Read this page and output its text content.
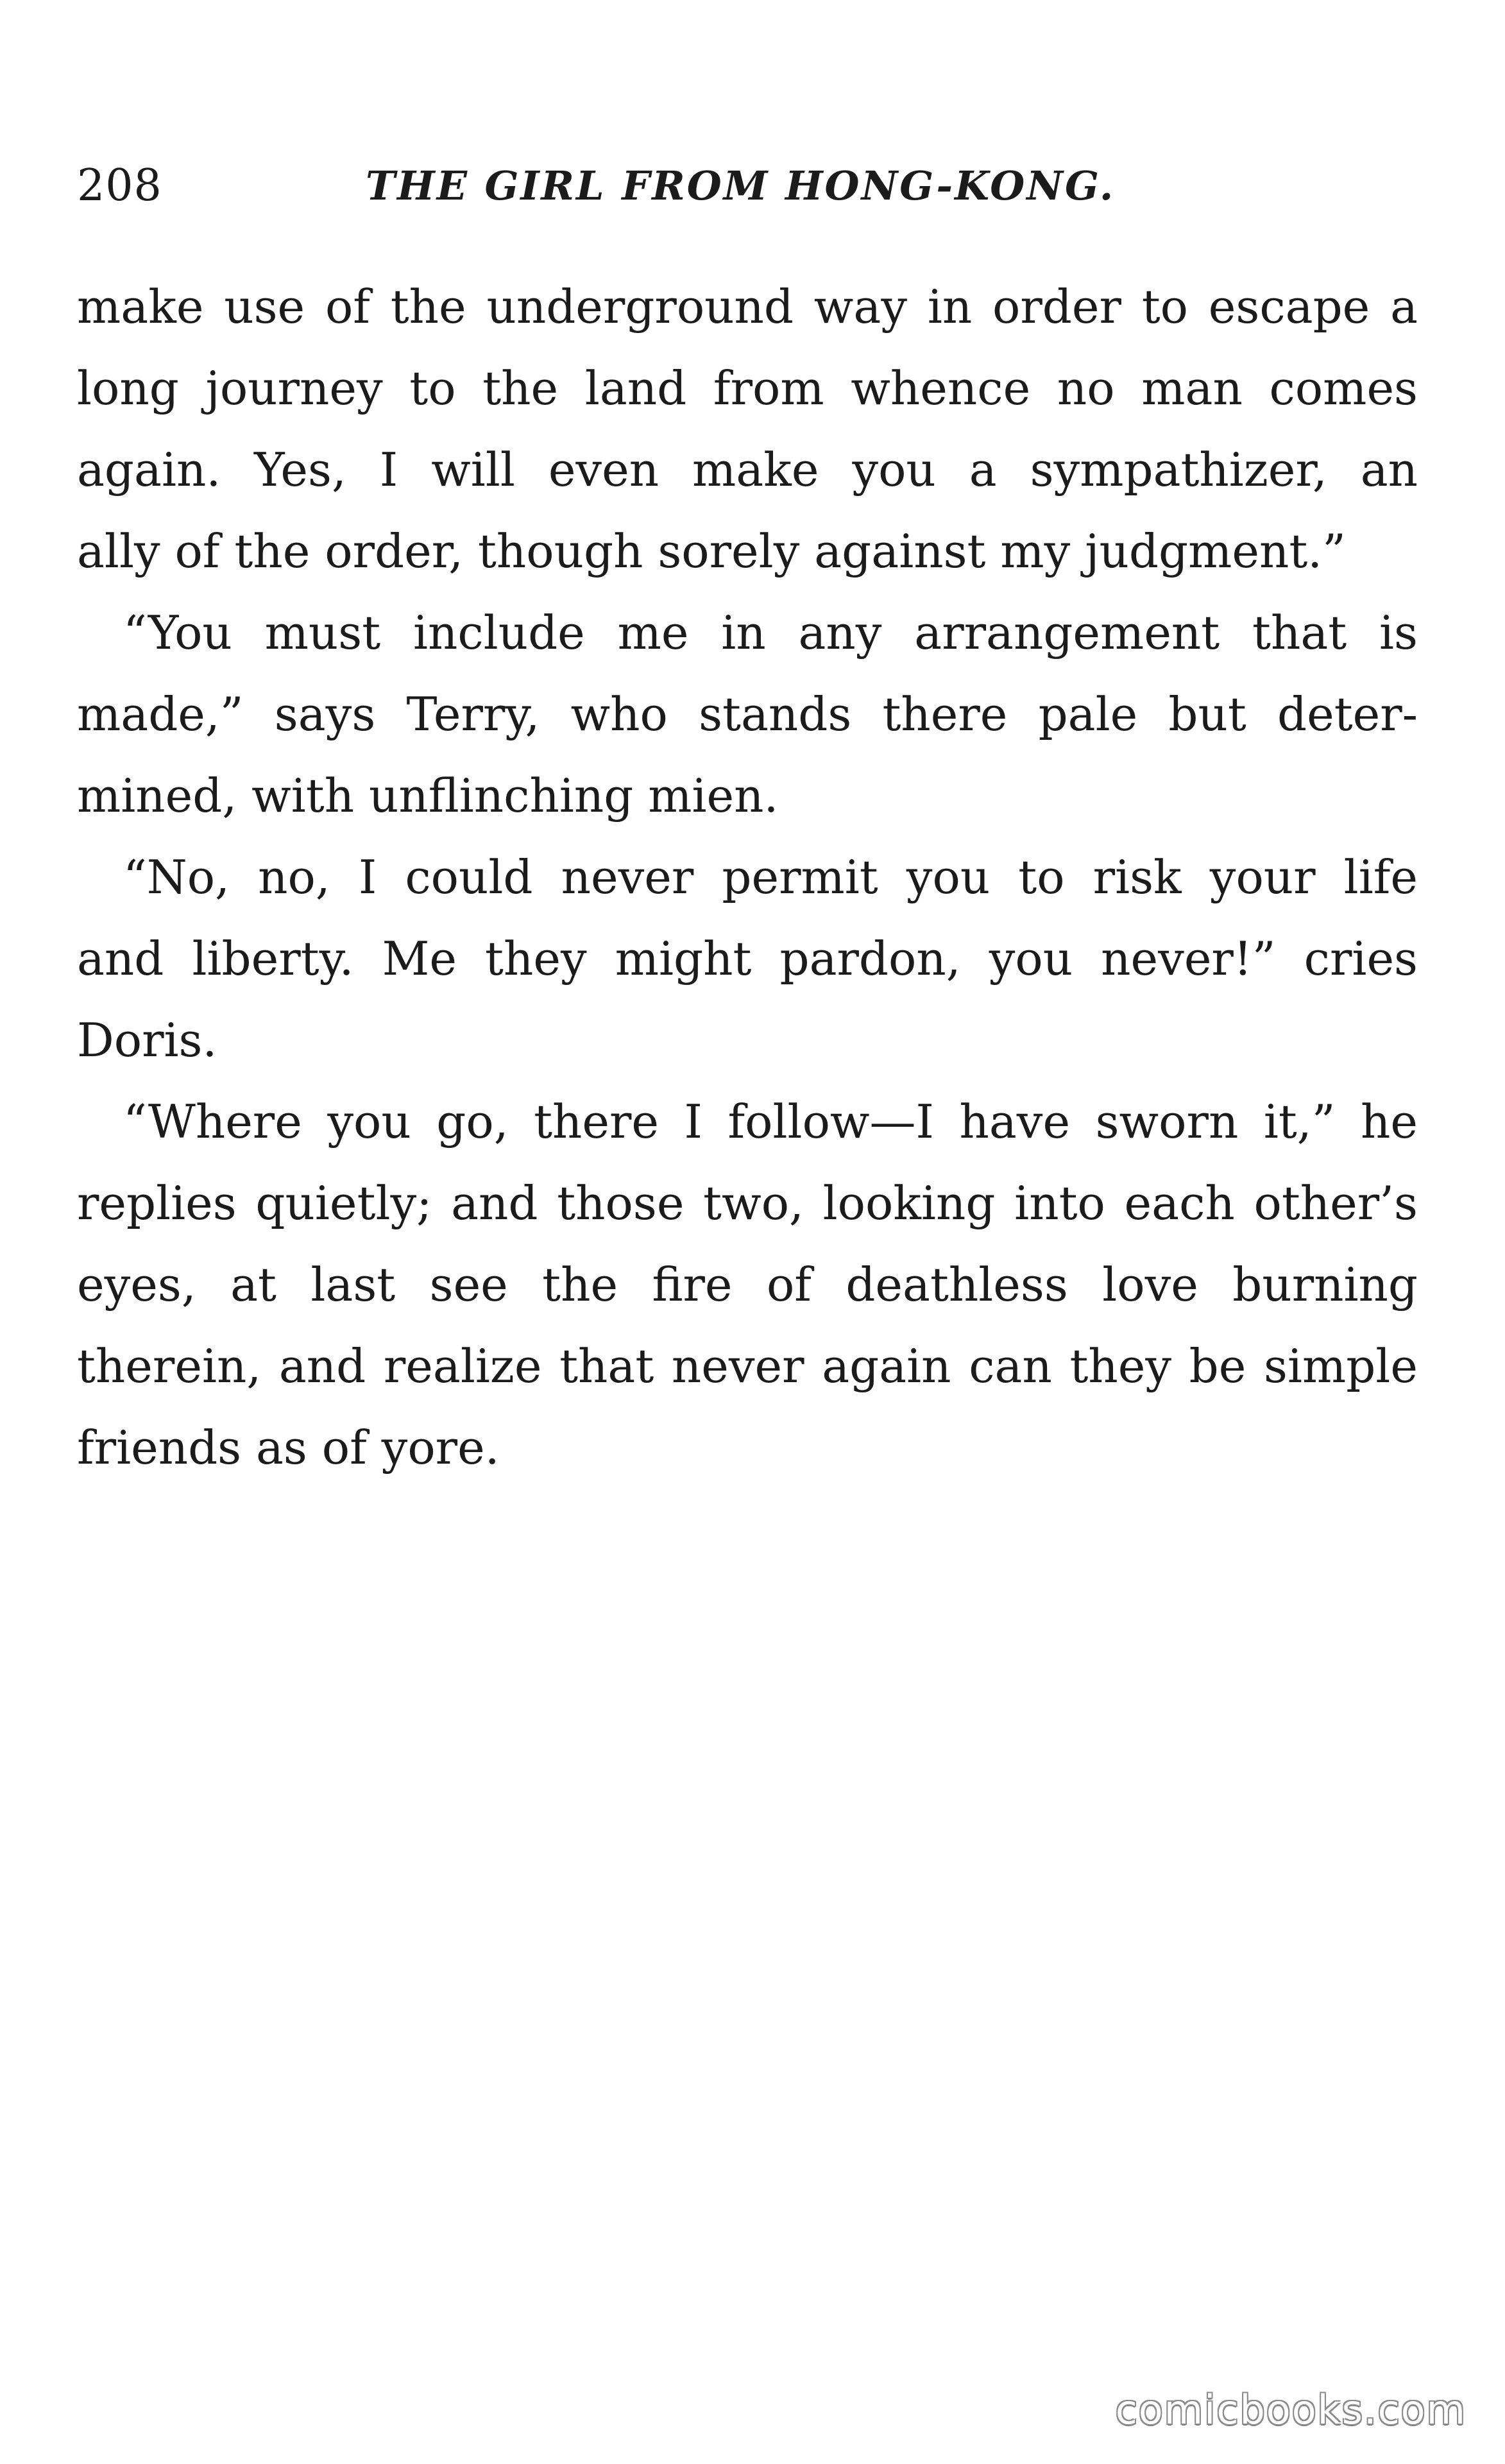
208	THE GIRL FROM HONG-KONG.
make use of the underground way in order to escape a
long journey to the land from whence no man comes
again. Yes, I will even make you a sympathizer, an
ally of the order, though sorely against my judgment.”
“You must include me in any arrangement that is
made,” says Terry, who stands there pale but deter-
mined, with unflinching mien.
“No, no, I could never permit you to risk your life
and liberty. Me they might pardon, you never!” cries
Doris.
“Where you go, there I follow—I have sworn it,” he
replies quietly; and those two, looking into each other’s
eyes, at last see the fire of deathless love burning
therein, and realize that never again can they be simple
friends as of yore.
comicbooks.com
